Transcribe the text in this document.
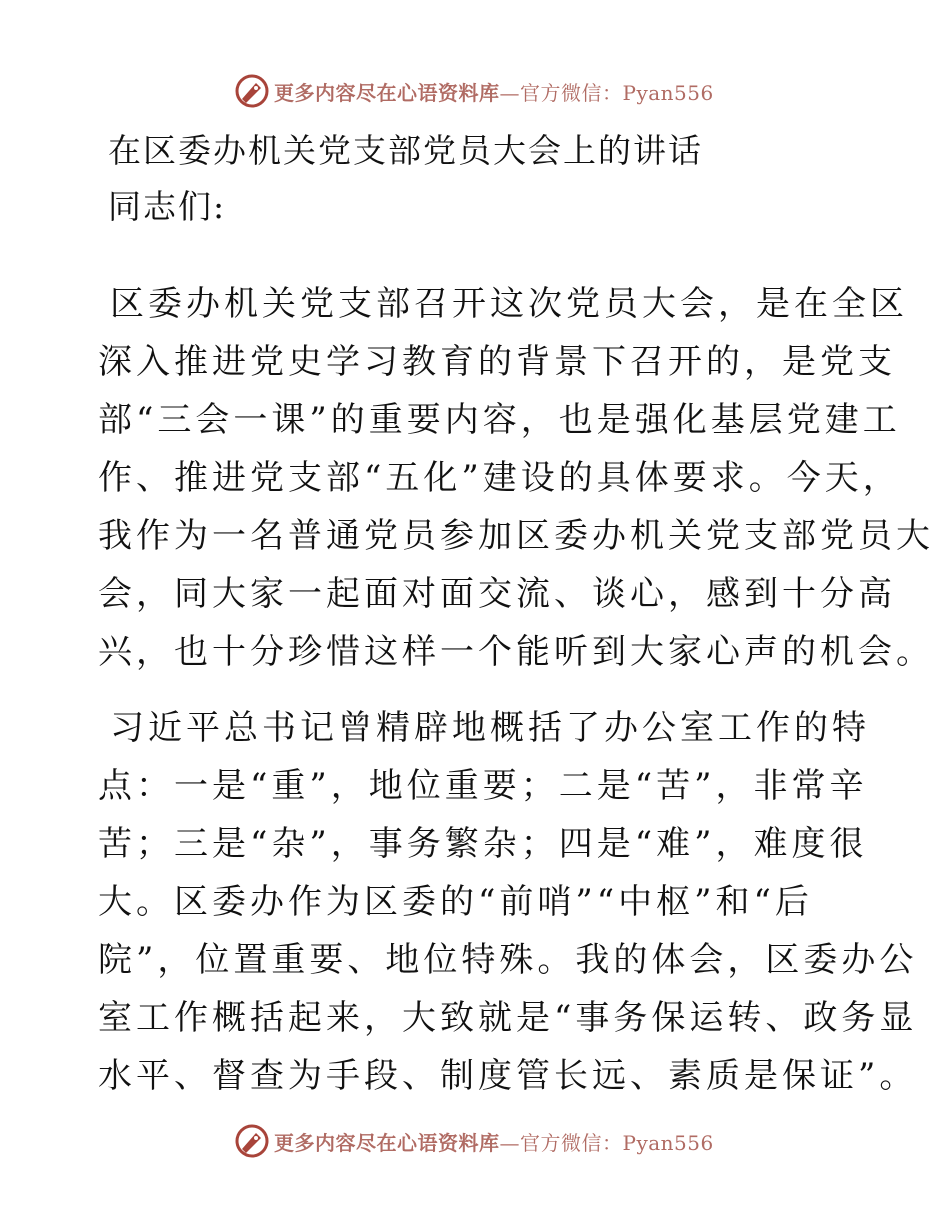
更多内容尽在心语资料库—官方微信：Pyan556
在区委办机关党支部党员大会上的讲话
同志们:
区委办机关党支部召开这次党员大会，是在全区
深入推进党史学习教育的背景下召开的，是党支
部“三会一课”的重要内容，也是强化基层党建工
作、推进党支部“五化”建设的具体要求。今天，
我作为一名普通党员参加区委办机关党支部党员大
会，同大家一起面对面交流、谈心，感到十分高
兴，也十分珍惜这样一个能听到大家心声的机会。
习近平总书记曾精辟地概括了办公室工作的特
点：一是“重”，地位重要；二是“苦”，非常辛
苦；三是“杂”，事务繁杂；四是“难”，难度很
大。区委办作为区委的“前哨”“中枢”和“后
院”，位置重要、地位特殊。我的体会，区委办公
室工作概括起来，大致就是“事务保运转、政务显
水平、督查为手段、制度管长远、素质是保证”。
更多内容尽在心语资料库—官方微信：Pyan556
